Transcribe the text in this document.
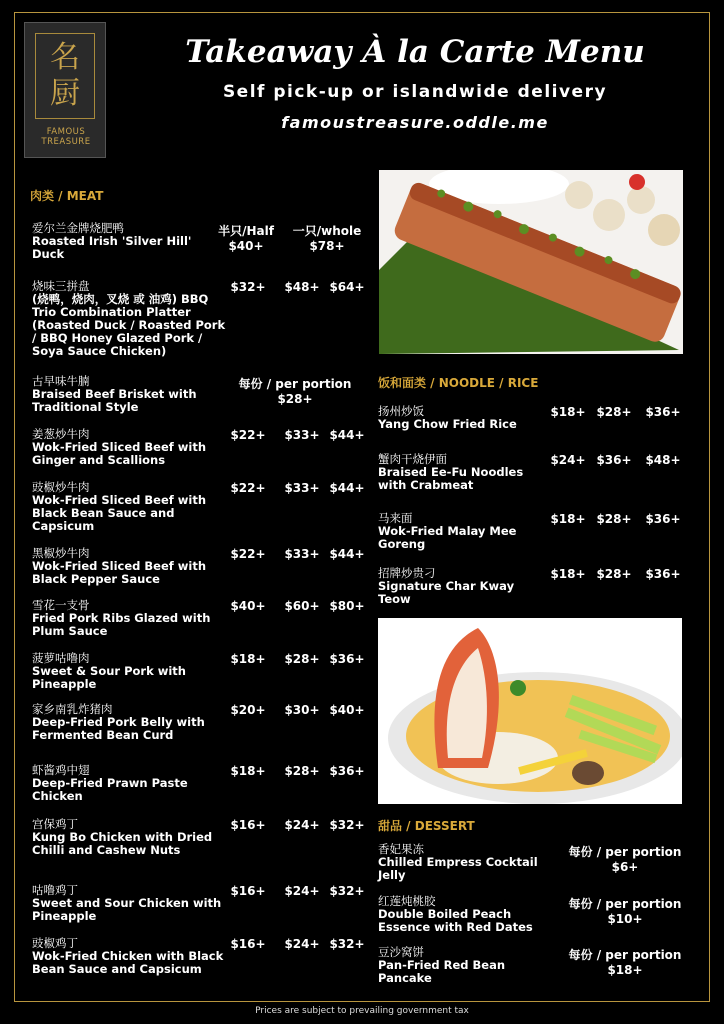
名
厨
FAMOUS
TREASURE
Takeaway À la Carte Menu
Self pick-up or islandwide delivery
famoustreasure.oddle.me
肉类 / MEAT
爱尔兰金牌烧肥鸭
Roasted Irish 'Silver Hill' Duck
半只/Half
$40+
一只/whole
$78+
烧味三拼盘
(烧鸭，烧肉，叉烧 或 油鸡) BBQ Trio Combination Platter (Roasted Duck / Roasted Pork / BBQ Honey Glazed Pork / Soya Sauce Chicken)
$32+	$48+ $64+
古早味牛腩
Braised Beef Brisket with Traditional Style
每份 / per portion
$28+
姜葱炒牛肉
Wok-Fried Sliced Beef with Ginger and Scallions
$22+	$33+ $44+
豉椒炒牛肉
Wok-Fried Sliced Beef with Black Bean Sauce and Capsicum
$22+	$33+ $44+
黑椒炒牛肉
Wok-Fried Sliced Beef with Black Pepper Sauce
$22+	$33+ $44+
雪花一支骨
Fried Pork Ribs Glazed with Plum Sauce
$40+	$60+ $80+
菠萝咕噜肉
Sweet & Sour Pork with Pineapple
$18+	$28+ $36+
家乡南乳炸猪肉
Deep-Fried Pork Belly with Fermented Bean Curd
$20+	$30+ $40+
虾酱鸡中翅
Deep-Fried Prawn Paste Chicken
$18+	$28+ $36+
宫保鸡丁
Kung Bo Chicken with Dried Chilli and Cashew Nuts
$16+	$24+ $32+
咕噜鸡丁
Sweet and Sour Chicken with Pineapple
$16+	$24+ $32+
豉椒鸡丁
Wok-Fried Chicken with Black Bean Sauce and Capsicum
$16+	$24+ $32+
饭和面类 / NOODLE / RICE
扬州炒饭
Yang Chow Fried Rice
$18+ $28+	$36+
蟹肉干烧伊面
Braised Ee-Fu Noodles with Crabmeat
$24+ $36+	$48+
马来面
Wok-Fried Malay Mee Goreng
$18+ $28+	$36+
招牌炒贵刁
Signature Char Kway Teow
$18+ $28+	$36+
甜品 / DESSERT
香妃果冻
Chilled Empress Cocktail Jelly
每份 / per portion
$6+
红莲炖桃胶
Double Boiled Peach Essence with Red Dates
每份 / per portion
$10+
豆沙窝饼
Pan-Fried Red Bean Pancake
每份 / per portion
$18+
Prices are subject to prevailing government tax
